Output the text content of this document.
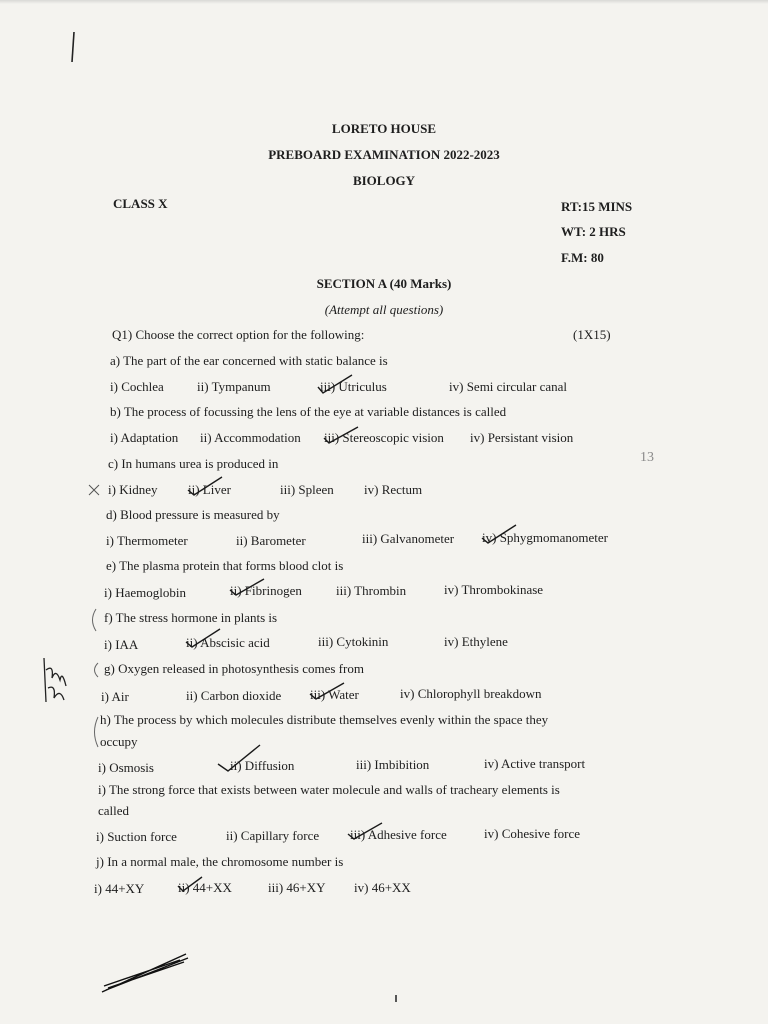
LORETO HOUSE
PREBOARD EXAMINATION 2022-2023
BIOLOGY
CLASS X	RT:15 MINS
WT: 2 HRS
F.M: 80
SECTION A (40 Marks)
(Attempt all questions)
Q1) Choose the correct option for the following:	(1X15)
a) The part of the ear concerned with static balance is
i) Cochlea	ii) Tympanum	iii) Utriculus	iv) Semi circular canal
b) The process of focussing the lens of the eye at variable distances is called
i) Adaptation ii) Accommodation iii) Stereoscopic vision iv) Persistant vision
c) In humans urea is produced in
i) Kidney ii) Liver	iii) Spleen iv) Rectum
d) Blood pressure is measured by
i) Thermometer	ii) Barometer	iii) Galvanometer iv) Sphygmomanometer
e) The plasma protein that forms blood clot is
i) Haemoglobin	ii) Fibrinogen	iii) Thrombin	iv) Thrombokinase
f) The stress hormone in plants is
i) IAA	ii) Abscisic acid	iii) Cytokinin	iv) Ethylene
g) Oxygen released in photosynthesis comes from
i) Air	ii) Carbon dioxide iii) Water	iv) Chlorophyll breakdown
h) The process by which molecules distribute themselves evenly within the space they
occupy
i) Osmosis	ii) Diffusion	iii) Imbibition	iv) Active transport
i) The strong force that exists between water molecule and walls of tracheary elements is
called
i) Suction force	ii) Capillary force iii) Adhesive force	iv) Cohesive force
j) In a normal male, the chromosome number is
i) 44+XY	ii) 44+XX	iii) 46+XY iv) 46+XX
13
